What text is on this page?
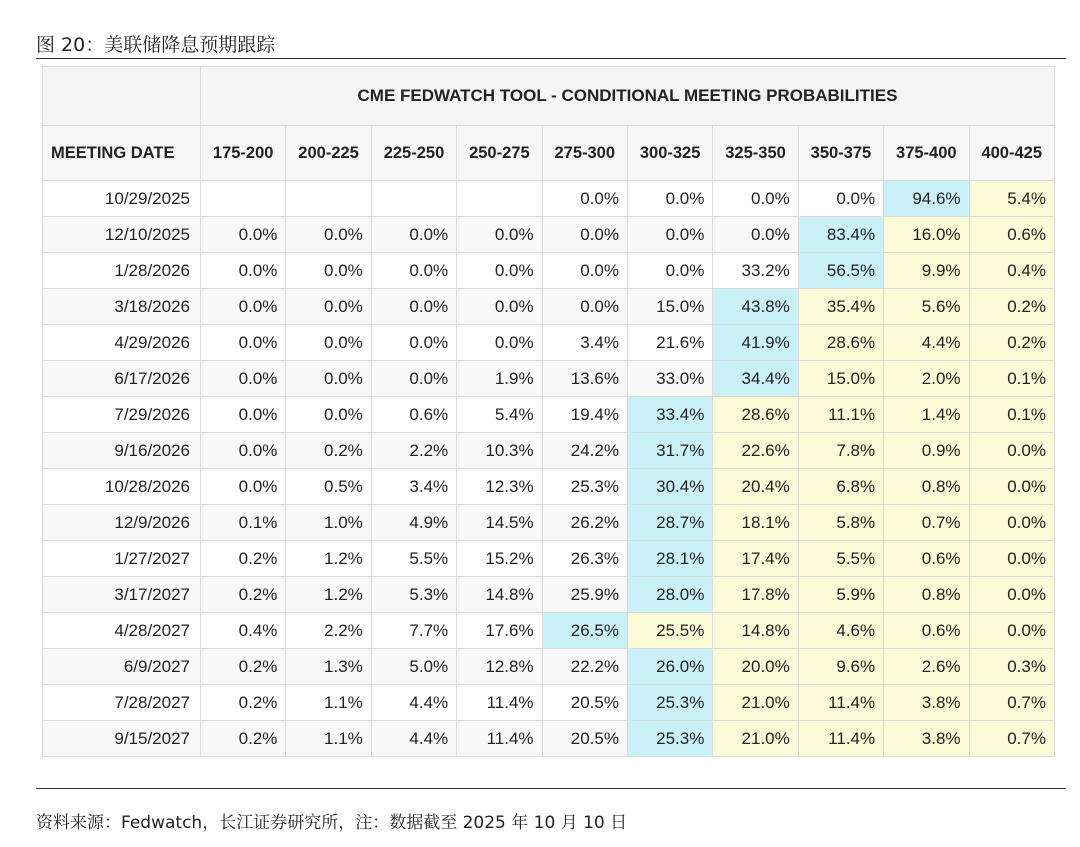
图 20：美联储降息预期跟踪
	CME FEDWATCH TOOL - CONDITIONAL MEETING PROBABILITIES									
MEETING DATE	175-200	200-225	225-250	250-275	275-300	300-325	325-350	350-375	375-400	400-425
10/29/2025					0.0%	0.0%	0.0%	0.0%	94.6%	5.4%
12/10/2025	0.0%	0.0%	0.0%	0.0%	0.0%	0.0%	0.0%	83.4%	16.0%	0.6%
1/28/2026	0.0%	0.0%	0.0%	0.0%	0.0%	0.0%	33.2%	56.5%	9.9%	0.4%
3/18/2026	0.0%	0.0%	0.0%	0.0%	0.0%	15.0%	43.8%	35.4%	5.6%	0.2%
4/29/2026	0.0%	0.0%	0.0%	0.0%	3.4%	21.6%	41.9%	28.6%	4.4%	0.2%
6/17/2026	0.0%	0.0%	0.0%	1.9%	13.6%	33.0%	34.4%	15.0%	2.0%	0.1%
7/29/2026	0.0%	0.0%	0.6%	5.4%	19.4%	33.4%	28.6%	11.1%	1.4%	0.1%
9/16/2026	0.0%	0.2%	2.2%	10.3%	24.2%	31.7%	22.6%	7.8%	0.9%	0.0%
10/28/2026	0.0%	0.5%	3.4%	12.3%	25.3%	30.4%	20.4%	6.8%	0.8%	0.0%
12/9/2026	0.1%	1.0%	4.9%	14.5%	26.2%	28.7%	18.1%	5.8%	0.7%	0.0%
1/27/2027	0.2%	1.2%	5.5%	15.2%	26.3%	28.1%	17.4%	5.5%	0.6%	0.0%
3/17/2027	0.2%	1.2%	5.3%	14.8%	25.9%	28.0%	17.8%	5.9%	0.8%	0.0%
4/28/2027	0.4%	2.2%	7.7%	17.6%	26.5%	25.5%	14.8%	4.6%	0.6%	0.0%
6/9/2027	0.2%	1.3%	5.0%	12.8%	22.2%	26.0%	20.0%	9.6%	2.6%	0.3%
7/28/2027	0.2%	1.1%	4.4%	11.4%	20.5%	25.3%	21.0%	11.4%	3.8%	0.7%
9/15/2027	0.2%	1.1%	4.4%	11.4%	20.5%	25.3%	21.0%	11.4%	3.8%	0.7%
资料来源：Fedwatch，长江证券研究所，注：数据截至 2025 年 10 月 10 日
